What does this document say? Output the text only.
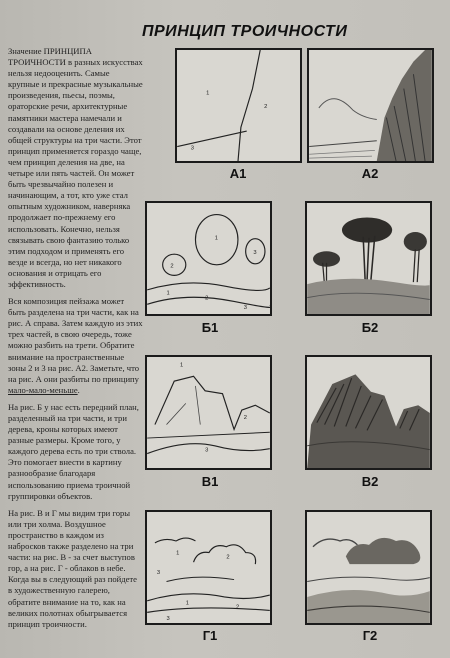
ПРИНЦИП ТРОИЧНОСТИ

Значение ПРИНЦИПА ТРОИЧНОСТИ в разных искусствах нельзя недооценить. Самые крупные и прекрасные музыкальные произведения, пьесы, поэмы, ораторские речи, архитектурные памятники мастера намечали и создавали на основе деления их общей структуры на три части. Этот принцип применяется гораздо чаще, чем принцип деления на две, на четыре или пять частей. Он может быть чрезвычайно полезен и начинающим, а тот, кто уже стал опытным художником, наверняка продолжает по-прежнему его использовать. Конечно, нельзя связывать свою фантазию только этим подходом и применять его везде и всегда, но нет никакого основания и отрицать его эффективность.

Вся композиция пейзажа может быть разделена на три части, как на рис. А справа. Затем каждую из этих трех частей, в свою очередь, тоже можно разбить на трети. Обратите внимание на пространственные зоны 2 и 3 на рис. А2. Заметьте, что на рис. А они разбиты по принципу мало-мало-меньше.

На рис. Б у нас есть передний план, разделенный на три части, и три дерева, кроны которых имеют разные размеры. Кроме того, у каждого дерева есть по три ствола. Это помогает внести в картину разнообразие благодаря использованию приема троичной группировки объектов.

На рис. В и Г мы видим три горы или три холма. Воздушное пространство в каждом из набросков также разделено на три части: на рис. В - за счет выступов гор, а на рис. Г - облаков в небе. Когда вы в следующий раз пойдете в художественную галерею, обратите внимание на то, как на великих полотнах обыгрывается принцип троичности.

1
2
3
А1	А2
1
2
3
1
2
3
Б1	Б2
1
2
3
В1	В2
1
2
3
1
2
3
Г1	Г2
